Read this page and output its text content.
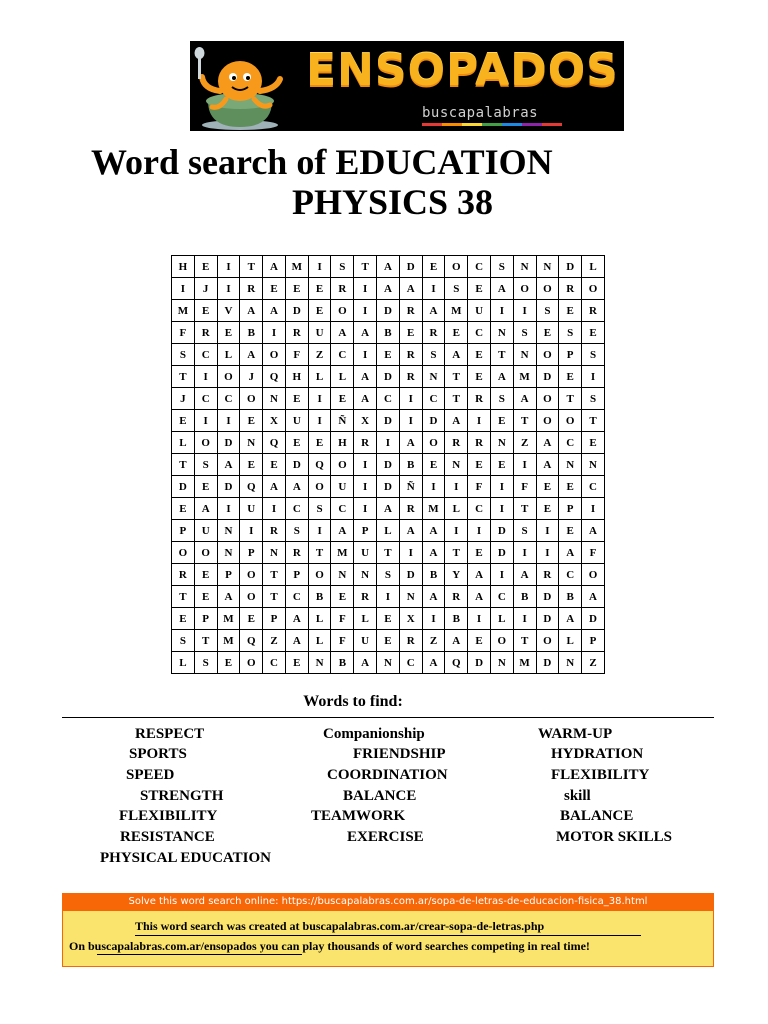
ENSOPADOS
buscapalabras
Word search of EDUCATION
PHYSICS 38
H	E	I	T	A	M	I	S	T	A	D	E	O	C	S	N	N	D	L
I	J	I	R	E	E	E	R	I	A	A	I	S	E	A	O	O	R	O
M	E	V	A	A	D	E	O	I	D	R	A	M	U	I	I	S	E	R
F	R	E	B	I	R	U	A	A	B	E	R	E	C	N	S	E	S	E
S	C	L	A	O	F	Z	C	I	E	R	S	A	E	T	N	O	P	S
T	I	O	J	Q	H	L	L	A	D	R	N	T	E	A	M	D	E	I
J	C	C	O	N	E	I	E	A	C	I	C	T	R	S	A	O	T	S
E	I	I	E	X	U	I	Ñ	X	D	I	D	A	I	E	T	O	O	T
L	O	D	N	Q	E	E	H	R	I	A	O	R	R	N	Z	A	C	E
T	S	A	E	E	D	Q	O	I	D	B	E	N	E	E	I	A	N	N
D	E	D	Q	A	A	O	U	I	D	Ñ	I	I	F	I	F	E	E	C
E	A	I	U	I	C	S	C	I	A	R	M	L	C	I	T	E	P	I
P	U	N	I	R	S	I	A	P	L	A	A	I	I	D	S	I	E	A
O	O	N	P	N	R	T	M	U	T	I	A	T	E	D	I	I	A	F
R	E	P	O	T	P	O	N	N	S	D	B	Y	A	I	A	R	C	O
T	E	A	O	T	C	B	E	R	I	N	A	R	A	C	B	D	B	A
E	P	M	E	P	A	L	F	L	E	X	I	B	I	L	I	D	A	D
S	T	M	Q	Z	A	L	F	U	E	R	Z	A	E	O	T	O	L	P
L	S	E	O	C	E	N	B	A	N	C	A	Q	D	N	M	D	N	Z
Words to find:
RESPECT	Companionship	WARM-UP
SPORTS	FRIENDSHIP	HYDRATION
SPEED	COORDINATION	FLEXIBILITY
STRENGTH	BALANCE	skill
FLEXIBILITY	TEAMWORK	BALANCE
RESISTANCE	EXERCISE	MOTOR SKILLS
PHYSICAL EDUCATION
Solve this word search online: https://buscapalabras.com.ar/sopa-de-letras-de-educacion-fisica_38.html
This word search was created at buscapalabras.com.ar/crear-sopa-de-letras.php
On buscapalabras.com.ar/ensopados you can play thousands of word searches competing in real time!
